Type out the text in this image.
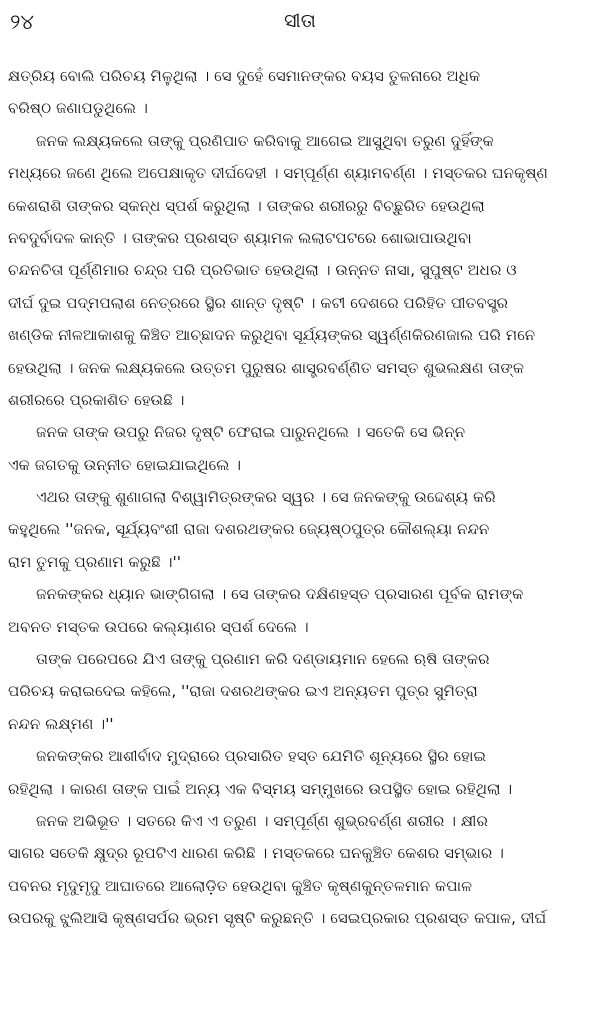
୨୪	ସୀତା
କ୍ଷତ୍ରିୟ ବୋଲି ପରିଚୟ ମିଳୁଥିଲା । ସେ ଦୁହେଁ ସେମାନଙ୍କର ବୟସ ତୁଳନାରେ ଅଧିକ
ବରିଷ୍ଠ ଜଣାପଡୁଥିଲେ ।
ଜନକ ଲକ୍ଷ୍ୟକଲେ ତାଙ୍କୁ ପ୍ରଣିପାତ କରିବାକୁ ଆଗେଇ ଆସୁଥିବା ତରୁଣ ଦୁହିଁଙ୍କ
ମଧ୍ୟରେ ଜଣେ ଥିଲେ ଅପେକ୍ଷାକୃତ ଦୀର୍ଘଦେହୀ । ସମ୍ପୂର୍ଣ୍ଣ ଶ୍ୟାମବର୍ଣ୍ଣ । ମସ୍ତକର ଘନକୃଷ୍ଣ
କେଶରାଶି ତାଙ୍କର ସ୍କନ୍ଧ ସ୍ପର୍ଶ କରୁଥିଲା । ତାଙ୍କର ଶରୀରରୁ ବିଚ୍ଛୁରିତ ହେଉଥିଲା
ନବଦୁର୍ବାଦଳ କାନ୍ତି । ତାଙ୍କର ପ୍ରଶସ୍ତ ଶ୍ୟାମଳ ଲଲାଟପଟରେ ଶୋଭାପାଉଥିବା
ଚନ୍ଦନଚିତା ପୂର୍ଣ୍ଣିମାର ଚନ୍ଦ୍ର ପରି ପ୍ରତିଭାତ ହେଉଥିଲା । ଉନ୍ନତ ନାସା, ସୁପୁଷ୍ଟ ଅଧର ଓ
ଦୀର୍ଘ ଦୁଇ ପଦ୍ମପଲାଶ ନେତ୍ରରେ ସ୍ଥିର ଶାନ୍ତ ଦୃଷ୍ଟି । କଟୀ ଦେଶରେ ପରିହିତ ପୀତବସ୍ତ୍ର
ଖଣ୍ଡିକ ନୀଳଆକାଶକୁ କିଞ୍ଚିତ ଆଚ୍ଛାଦନ କରୁଥିବା ସୂର୍ଯ୍ୟଙ୍କର ସ୍ୱର୍ଣ୍ଣକିରଣଜାଲ ପରି ମନେ
ହେଉଥିଲା । ଜନକ ଲକ୍ଷ୍ୟକଲେ ଉତ୍ତମ ପୁରୁଷର ଶାସ୍ତ୍ରବର୍ଣ୍ଣିତ ସମସ୍ତ ଶୁଭଲକ୍ଷଣ ତାଙ୍କ
ଶରୀରରେ ପ୍ରକାଶିତ ହେଉଛି ।
ଜନକ ତାଙ୍କ ଉପରୁ ନିଜର ଦୃଷ୍ଟି ଫେରାଇ ପାରୁନଥିଲେ । ସତେକି ସେ ଭିନ୍ନ
ଏକ ଜଗତକୁ ଉନ୍ନୀତ ହୋଇଯାଇଥିଲେ ।
ଏଥର ତାଙ୍କୁ ଶୁଣାଗଲା ବିଶ୍ୱାମିତ୍ରଙ୍କର ସ୍ୱର । ସେ ଜନକଙ୍କୁ ଉଦ୍ଦେଶ୍ୟ କରି
କହୁଥିଲେ ''ଜନକ, ସୂର୍ଯ୍ୟବଂଶୀ ରାଜା ଦଶରଥଙ୍କର ଜ୍ୟେଷ୍ଠପୁତ୍ର କୌଶଲ୍ୟା ନନ୍ଦନ
ରାମ ତୁମକୁ ପ୍ରଣାମ କରୁଛି ।''
ଜନକଙ୍କର ଧ୍ୟାନ ଭାଙ୍ଗିଗଲା । ସେ ତାଙ୍କର ଦକ୍ଷିଣହସ୍ତ ପ୍ରସାରଣ ପୂର୍ବକ ରାମଙ୍କ
ଅବନତ ମସ୍ତକ ଉପରେ କଲ୍ୟାଣର ସ୍ପର୍ଶ ଦେଲେ ।
ତାଙ୍କ ପରେପରେ ଯିଏ ତାଙ୍କୁ ପ୍ରଣାମ କରି ଦଣ୍ଡାୟମାନ ହେଲେ ଋଷି ତାଙ୍କର
ପରିଚୟ କରାଇଦେଇ କହିଲେ, ''ରାଜା ଦଶରଥଙ୍କର ଇଏ ଅନ୍ୟତମ ପୁତ୍ର ସୁମିତ୍ରା
ନନ୍ଦନ ଲକ୍ଷ୍ମଣ ।''
ଜନକଙ୍କର ଆଶୀର୍ବାଦ ମୁଦ୍ରାରେ ପ୍ରସାରିତ ହସ୍ତ ଯେମିତି ଶୂନ୍ୟରେ ସ୍ଥିର ହୋଇ
ରହିଥିଲା । କାରଣ ତାଙ୍କ ପାଇଁ ଅନ୍ୟ ଏକ ବିସ୍ମୟ ସମ୍ମୁଖରେ ଉପସ୍ଥିତ ହୋଇ ରହିଥିଲା ।
ଜନକ ଅଭିଭୂତ । ସତରେ କିଏ ଏ ତରୁଣ । ସମ୍ପୂର୍ଣ୍ଣ ଶୁଭ୍ରବର୍ଣ୍ଣ ଶରୀର । କ୍ଷୀର
ସାଗର ସତେକି କ୍ଷୁଦ୍ର ରୂପଟିଏ ଧାରଣ କରିଛି । ମସ୍ତକରେ ଘନକୁଞ୍ଚିତ କେଶର ସମ୍ଭାର ।
ପବନର ମୃଦୁମୃଦୁ ଆଘାତରେ ଆଲୋଡ଼ିତ ହେଉଥିବା କୁଞ୍ଚିତ କୃଷ୍ଣକୁନ୍ତଳମାନ କପାଳ
ଉପରକୁ ଝୁଲିଆସି କୃଷ୍ଣସର୍ପର ଭ୍ରମ ସୃଷ୍ଟି କରୁଛନ୍ତି । ସେଇପ୍ରକାର ପ୍ରଶସ୍ତ କପାଳ, ଦୀର୍ଘ
